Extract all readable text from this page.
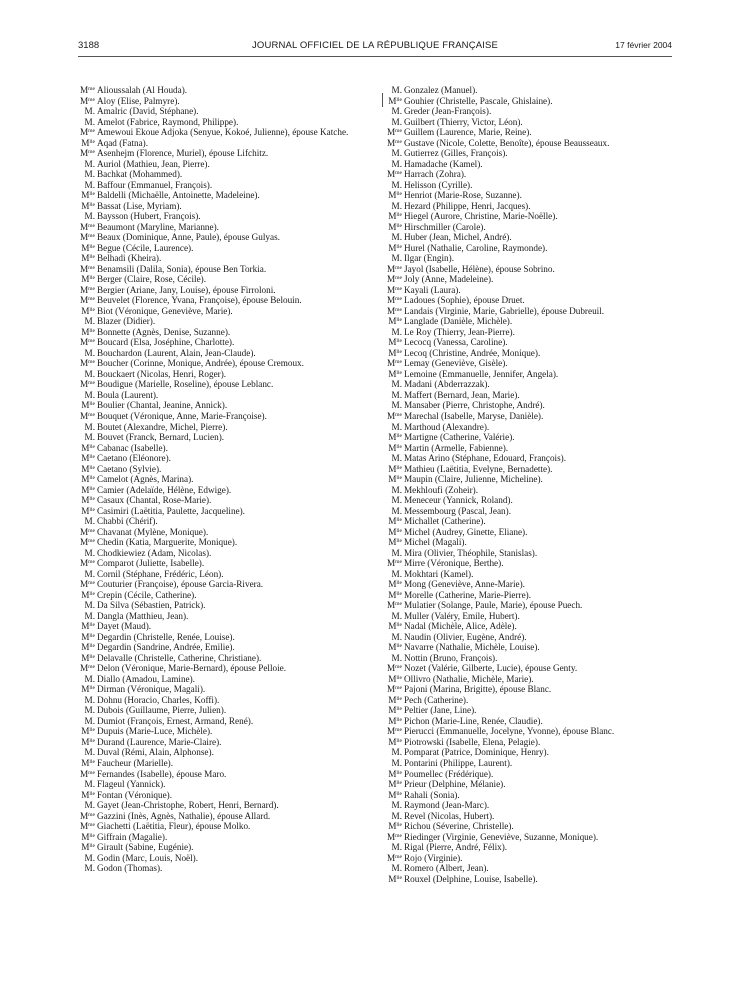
3188	JOURNAL OFFICIEL DE LA RÉPUBLIQUE FRANÇAISE	17 février 2004
$M^{me}$ Alioussalah (Al Houda).
$M^{me}$ Aloy (Elise, Palmyre).
M. Amalric (David, Stéphane).
M. Amelot (Fabrice, Raymond, Philippe).
$M^{me}$ Amewoui Ekoue Adjoka (Senyue, Kokoé, Julienne), épouse Katche.
$M^{lle}$ Aqad (Fatna).
$M^{me}$ Asenhejm (Florence, Muriel), épouse Lifchitz.
M. Auriol (Mathieu, Jean, Pierre).
M. Bachkat (Mohammed).
M. Baffour (Emmanuel, François).
$M^{lle}$ Baldelli (Michaëlle, Antoinette, Madeleine).
$M^{lle}$ Bassat (Lise, Myriam).
M. Baysson (Hubert, François).
$M^{me}$ Beaumont (Maryline, Marianne).
$M^{me}$ Beaux (Dominique, Anne, Paule), épouse Gulyas.
$M^{lle}$ Begue (Cécile, Laurence).
$M^{lle}$ Belhadi (Kheira).
$M^{me}$ Benamsili (Dalila, Sonia), épouse Ben Torkia.
$M^{lle}$ Berger (Claire, Rose, Cécile).
$M^{me}$ Bergier (Ariane, Jany, Louise), épouse Firroloni.
$M^{me}$ Beuvelet (Florence, Yvana, Françoise), épouse Belouin.
$M^{lle}$ Biot (Véronique, Geneviève, Marie).
M. Blazer (Didier).
$M^{lle}$ Bonnette (Agnès, Denise, Suzanne).
$M^{me}$ Boucard (Elsa, Joséphine, Charlotte).
M. Bouchardon (Laurent, Alain, Jean-Claude).
$M^{me}$ Boucher (Corinne, Monique, Andrée), épouse Cremoux.
M. Bouckaert (Nicolas, Henri, Roger).
$M^{me}$ Boudigue (Marielle, Roseline), épouse Leblanc.
M. Boula (Laurent).
$M^{lle}$ Boulier (Chantal, Jeanine, Annick).
$M^{me}$ Bouquet (Véronique, Anne, Marie-Françoise).
M. Boutet (Alexandre, Michel, Pierre).
M. Bouvet (Franck, Bernard, Lucien).
$M^{lle}$ Cabanac (Isabelle).
$M^{lle}$ Caetano (Eléonore).
$M^{lle}$ Caetano (Sylvie).
$M^{lle}$ Camelot (Agnès, Marina).
$M^{lle}$ Camier (Adelaïde, Hélène, Edwige).
$M^{lle}$ Casaux (Chantal, Rose-Marie).
$M^{lle}$ Casimiri (Laëtitia, Paulette, Jacqueline).
M. Chabbi (Chérif).
$M^{me}$ Chavanat (Mylène, Monique).
$M^{me}$ Chedin (Katia, Marguerite, Monique).
M. Chodkiewiez (Adam, Nicolas).
$M^{me}$ Comparot (Juliette, Isabelle).
M. Cornil (Stéphane, Frédéric, Léon).
$M^{me}$ Couturier (Françoise), épouse Garcia-Rivera.
$M^{lle}$ Crepin (Cécile, Catherine).
M. Da Silva (Sébastien, Patrick).
M. Dangla (Matthieu, Jean).
$M^{lle}$ Dayet (Maud).
$M^{lle}$ Degardin (Christelle, Renée, Louise).
$M^{lle}$ Degardin (Sandrine, Andrée, Emilie).
$M^{lle}$ Delavalle (Christelle, Catherine, Christiane).
$M^{me}$ Delon (Véronique, Marie-Bernard), épouse Pelloie.
M. Diallo (Amadou, Lamine).
$M^{lle}$ Dirman (Véronique, Magali).
M. Dohnu (Horacio, Charles, Koffi).
M. Dubois (Guillaume, Pierre, Julien).
M. Dumiot (François, Ernest, Armand, René).
$M^{lle}$ Dupuis (Marie-Luce, Michèle).
$M^{lle}$ Durand (Laurence, Marie-Claire).
M. Duval (Rémi, Alain, Alphonse).
$M^{lle}$ Faucheur (Marielle).
$M^{me}$ Fernandes (Isabelle), épouse Maro.
M. Flageul (Yannick).
$M^{lle}$ Fontan (Véronique).
M. Gayet (Jean-Christophe, Robert, Henri, Bernard).
$M^{me}$ Gazzini (Inès, Agnès, Nathalie), épouse Allard.
$M^{me}$ Giachetti (Laëtitia, Fleur), épouse Molko.
$M^{lle}$ Giffrain (Magalie).
$M^{lle}$ Girault (Sabine, Eugénie).
M. Godin (Marc, Louis, Noël).
M. Godon (Thomas).
M. Gonzalez (Manuel).
$M^{lle}$ Gouhier (Christelle, Pascale, Ghislaine).
M. Greder (Jean-François).
M. Guilbert (Thierry, Victor, Léon).
$M^{me}$ Guillem (Laurence, Marie, Reine).
$M^{me}$ Gustave (Nicole, Colette, Benoîte), épouse Beausseaux.
M. Gutierrez (Gilles, François).
M. Hamadache (Kamel).
$M^{me}$ Harrach (Zohra).
M. Helisson (Cyrille).
$M^{lle}$ Henriot (Marie-Rose, Suzanne).
M. Hezard (Philippe, Henri, Jacques).
$M^{lle}$ Hiegel (Aurore, Christine, Marie-Noëlle).
$M^{lle}$ Hirschmiller (Carole).
M. Huber (Jean, Michel, André).
$M^{lle}$ Hurel (Nathalie, Caroline, Raymonde).
M. Ilgar (Engin).
$M^{me}$ Jayol (Isabelle, Hélène), épouse Sobrino.
$M^{me}$ Joly (Anne, Madeleine).
$M^{me}$ Kayali (Laura).
$M^{me}$ Ladoues (Sophie), épouse Druet.
$M^{me}$ Landais (Virginie, Marie, Gabrielle), épouse Dubreuil.
$M^{lle}$ Langlade (Danièle, Michèle).
M. Le Roy (Thierry, Jean-Pierre).
$M^{lle}$ Lecocq (Vanessa, Caroline).
$M^{lle}$ Lecoq (Christine, Andrée, Monique).
$M^{me}$ Lemay (Geneviève, Gisèle).
$M^{lle}$ Lemoine (Emmanuelle, Jennifer, Angela).
M. Madani (Abderrazzak).
M. Maffert (Bernard, Jean, Marie).
M. Mansaber (Pierre, Christophe, André).
$M^{me}$ Marechal (Isabelle, Maryse, Danièle).
M. Marthoud (Alexandre).
$M^{lle}$ Martigne (Catherine, Valérie).
$M^{lle}$ Martin (Armelle, Fabienne).
M. Matas Arino (Stéphane, Edouard, François).
$M^{lle}$ Mathieu (Laëtitia, Evelyne, Bernadette).
$M^{lle}$ Maupin (Claire, Julienne, Micheline).
M. Mekhloufi (Zoheir).
M. Meneceur (Yannick, Roland).
M. Messembourg (Pascal, Jean).
$M^{lle}$ Michallet (Catherine).
$M^{lle}$ Michel (Audrey, Ginette, Eliane).
$M^{lle}$ Michel (Magali).
M. Mira (Olivier, Théophile, Stanislas).
$M^{me}$ Mirre (Véronique, Berthe).
M. Mokhtari (Kamel).
$M^{lle}$ Mong (Geneviève, Anne-Marie).
$M^{lle}$ Morelle (Catherine, Marie-Pierre).
$M^{me}$ Mulatier (Solange, Paule, Marie), épouse Puech.
M. Muller (Valéry, Emile, Hubert).
$M^{lle}$ Nadal (Michèle, Alice, Adèle).
M. Naudin (Olivier, Eugène, André).
$M^{lle}$ Navarre (Nathalie, Michèle, Louise).
M. Nottin (Bruno, François).
$M^{me}$ Nozet (Valérie, Gilberte, Lucie), épouse Genty.
$M^{lle}$ Ollivro (Nathalie, Michèle, Marie).
$M^{me}$ Pajoni (Marina, Brigitte), épouse Blanc.
$M^{lle}$ Pech (Catherine).
$M^{lle}$ Peltier (Jane, Line).
$M^{lle}$ Pichon (Marie-Line, Renée, Claudie).
$M^{me}$ Pierucci (Emmanuelle, Jocelyne, Yvonne), épouse Blanc.
$M^{lle}$ Piotrowski (Isabelle, Elena, Pelagie).
M. Pomparat (Patrice, Dominique, Henry).
M. Pontarini (Philippe, Laurent).
$M^{lle}$ Poumellec (Frédérique).
$M^{lle}$ Prieur (Delphine, Mélanie).
$M^{lle}$ Rahali (Sonia).
M. Raymond (Jean-Marc).
M. Revel (Nicolas, Hubert).
$M^{lle}$ Richou (Séverine, Christelle).
$M^{me}$ Riedinger (Virginie, Geneviève, Suzanne, Monique).
M. Rigal (Pierre, André, Félix).
$M^{me}$ Rojo (Virginie).
M. Romero (Albert, Jean).
$M^{lle}$ Rouxel (Delphine, Louise, Isabelle).
